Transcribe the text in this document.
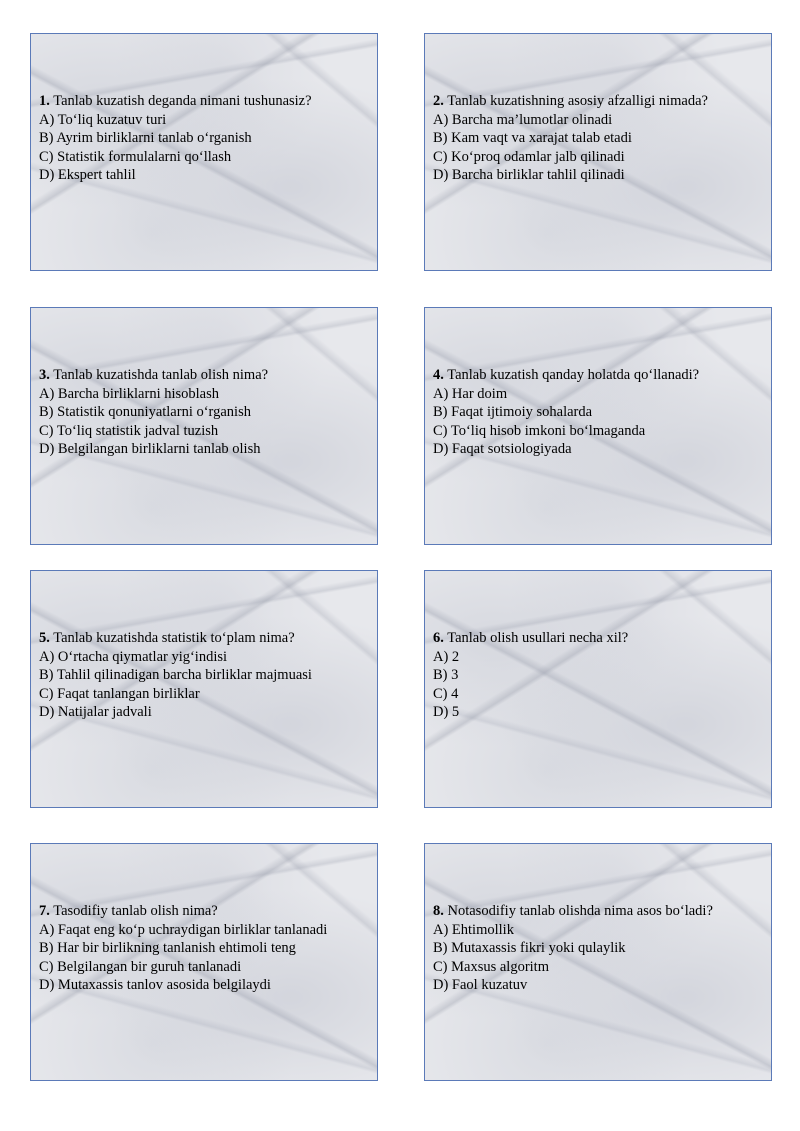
1. Tanlab kuzatish deganda nimani tushunasiz?
A) To‘liq kuzatuv turi
B) Ayrim birliklarni tanlab o‘rganish
C) Statistik formulalarni qo‘llash
D) Ekspert tahlil
2. Tanlab kuzatishning asosiy afzalligi nimada?
A) Barcha ma’lumotlar olinadi
B) Kam vaqt va xarajat talab etadi
C) Ko‘proq odamlar jalb qilinadi
D) Barcha birliklar tahlil qilinadi
3. Tanlab kuzatishda tanlab olish nima?
A) Barcha birliklarni hisoblash
B) Statistik qonuniyatlarni o‘rganish
C) To‘liq statistik jadval tuzish
D) Belgilangan birliklarni tanlab olish
4. Tanlab kuzatish qanday holatda qo‘llanadi?
A) Har doim
B) Faqat ijtimoiy sohalarda
C) To‘liq hisob imkoni bo‘lmaganda
D) Faqat sotsiologiyada
5. Tanlab kuzatishda statistik to‘plam nima?
A) O‘rtacha qiymatlar yig‘indisi
B) Tahlil qilinadigan barcha birliklar majmuasi
C) Faqat tanlangan birliklar
D) Natijalar jadvali
6. Tanlab olish usullari necha xil?
A) 2
B) 3
C) 4
D) 5
7. Tasodifiy tanlab olish nima?
A) Faqat eng ko‘p uchraydigan birliklar tanlanadi
B) Har bir birlikning tanlanish ehtimoli teng
C) Belgilangan bir guruh tanlanadi
D) Mutaxassis tanlov asosida belgilaydi
8. Notasodifiy tanlab olishda nima asos bo‘ladi?
A) Ehtimollik
B) Mutaxassis fikri yoki qulaylik
C) Maxsus algoritm
D) Faol kuzatuv
